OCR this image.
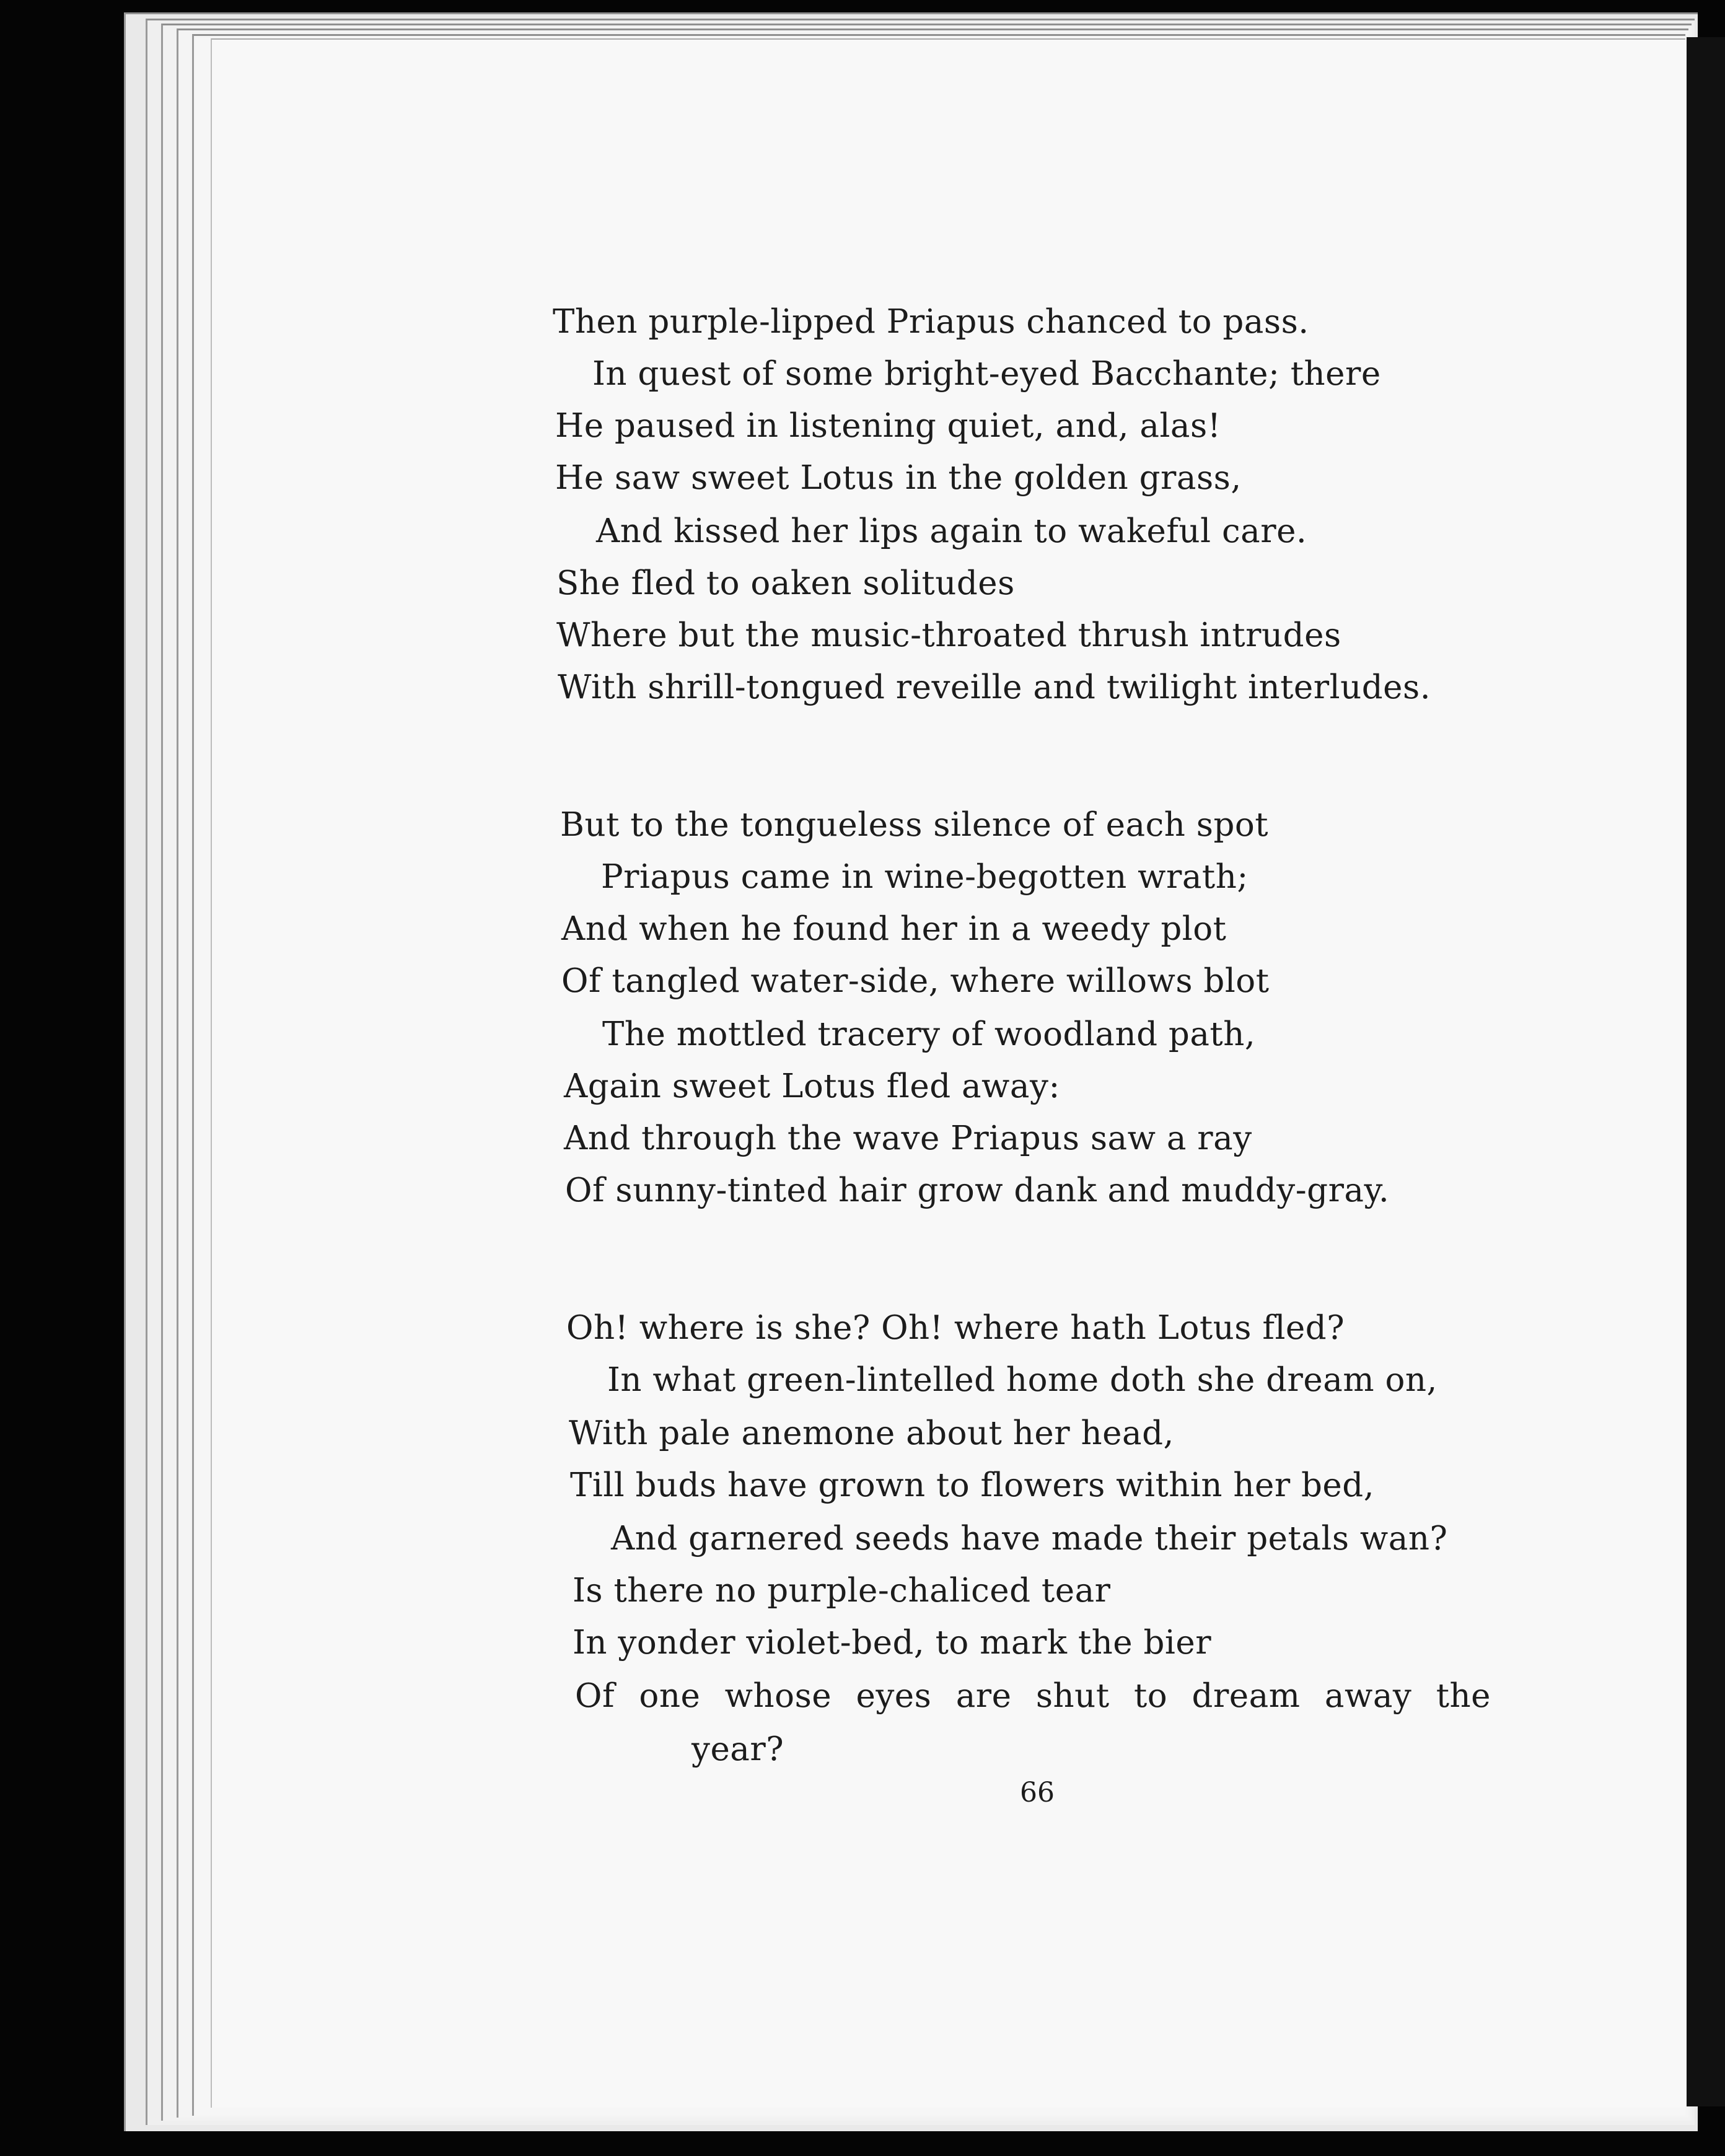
Then purple-lipped Priapus chanced to pass.
In quest of some bright-eyed Bacchante; there
He paused in listening quiet, and, alas!
He saw sweet Lotus in the golden grass,
And kissed her lips again to wakeful care.
She fled to oaken solitudes
Where but the music-throated thrush intrudes
With shrill-tongued reveille and twilight interludes.
But to the tongueless silence of each spot
Priapus came in wine-begotten wrath;
And when he found her in a weedy plot
Of tangled water-side, where willows blot
The mottled tracery of woodland path,
Again sweet Lotus fled away:
And through the wave Priapus saw a ray
Of sunny-tinted hair grow dank and muddy-gray.
Oh! where is she? Oh! where hath Lotus fled?
In what green-lintelled home doth she dream on,
With pale anemone about her head,
Till buds have grown to flowers within her bed,
And garnered seeds have made their petals wan?
Is there no purple-chaliced tear
In yonder violet-bed, to mark the bier
Of one whose eyes are shut to dream away the
year?
66
